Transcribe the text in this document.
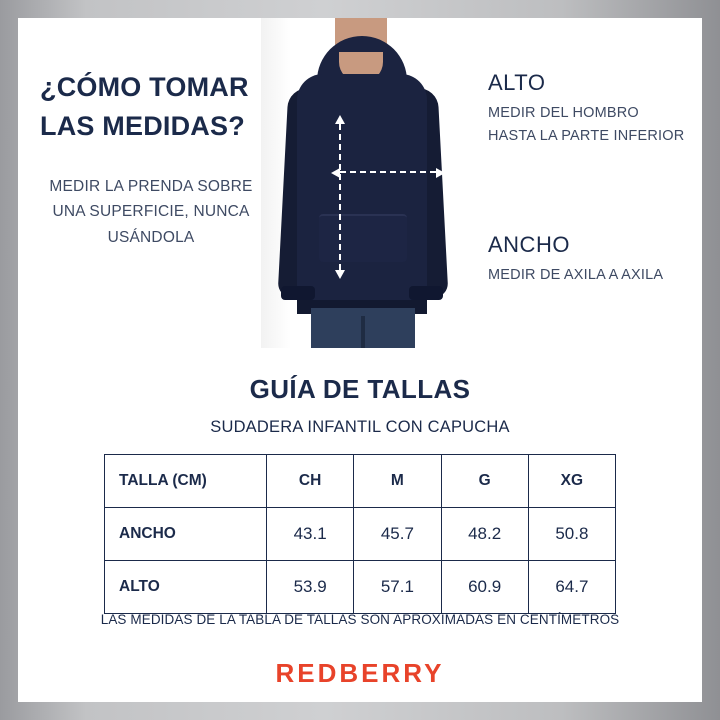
¿CÓMO TOMAR
LAS MEDIDAS?
MEDIR LA PRENDA SOBRE UNA SUPERFICIE, NUNCA USÁNDOLA
ALTO
MEDIR DEL HOMBRO HASTA LA PARTE INFERIOR
ANCHO
MEDIR DE AXILA A AXILA
GUÍA DE TALLAS
SUDADERA INFANTIL CON CAPUCHA
TALLA (CM)	CH	M	G	XG
ANCHO	43.1	45.7	48.2	50.8
ALTO	53.9	57.1	60.9	64.7
LAS MEDIDAS DE LA TABLA DE TALLAS SON APROXIMADAS EN CENTÍMETROS
REDBERRY
